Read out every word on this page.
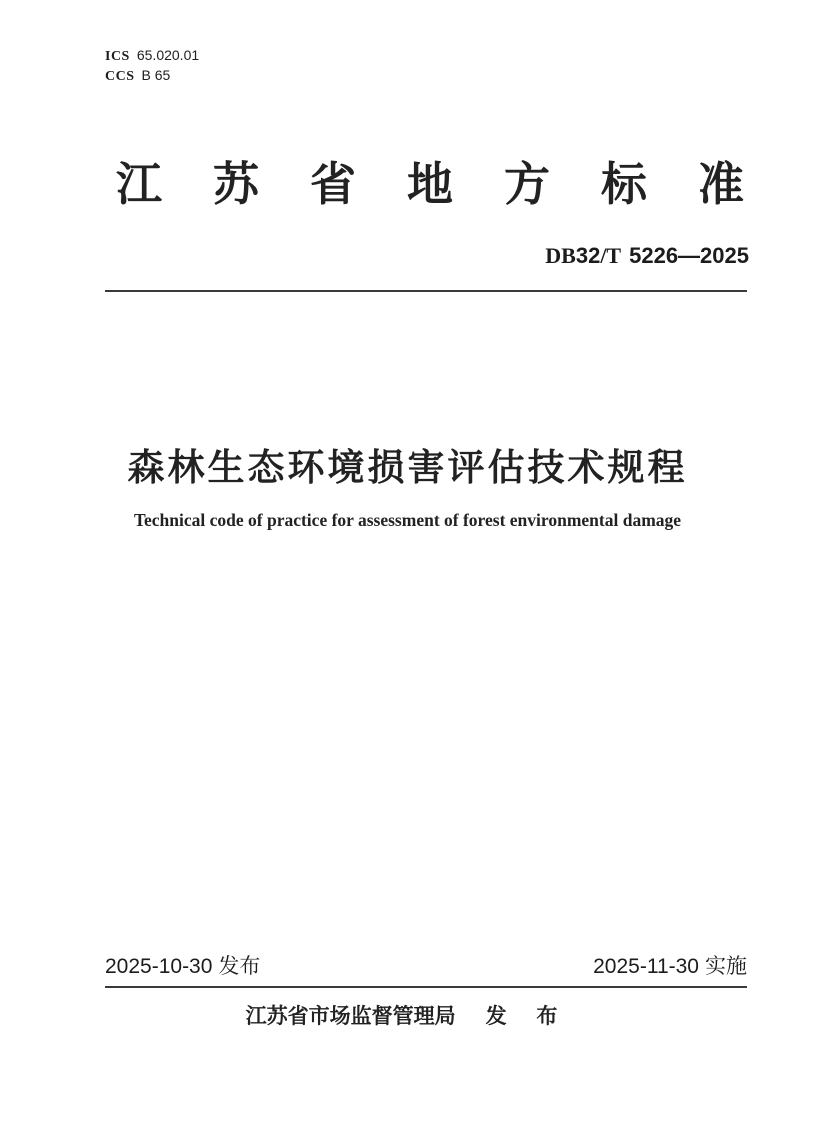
ICS 65.020.01
CCS B 65
江 苏 省 地 方 标 准
DB32/T 5226—2025
森林生态环境损害评估技术规程
Technical code of practice for assessment of forest environmental damage
2025-10-30 发布	2025-11-30 实施
江苏省市场监督管理局 发 布
